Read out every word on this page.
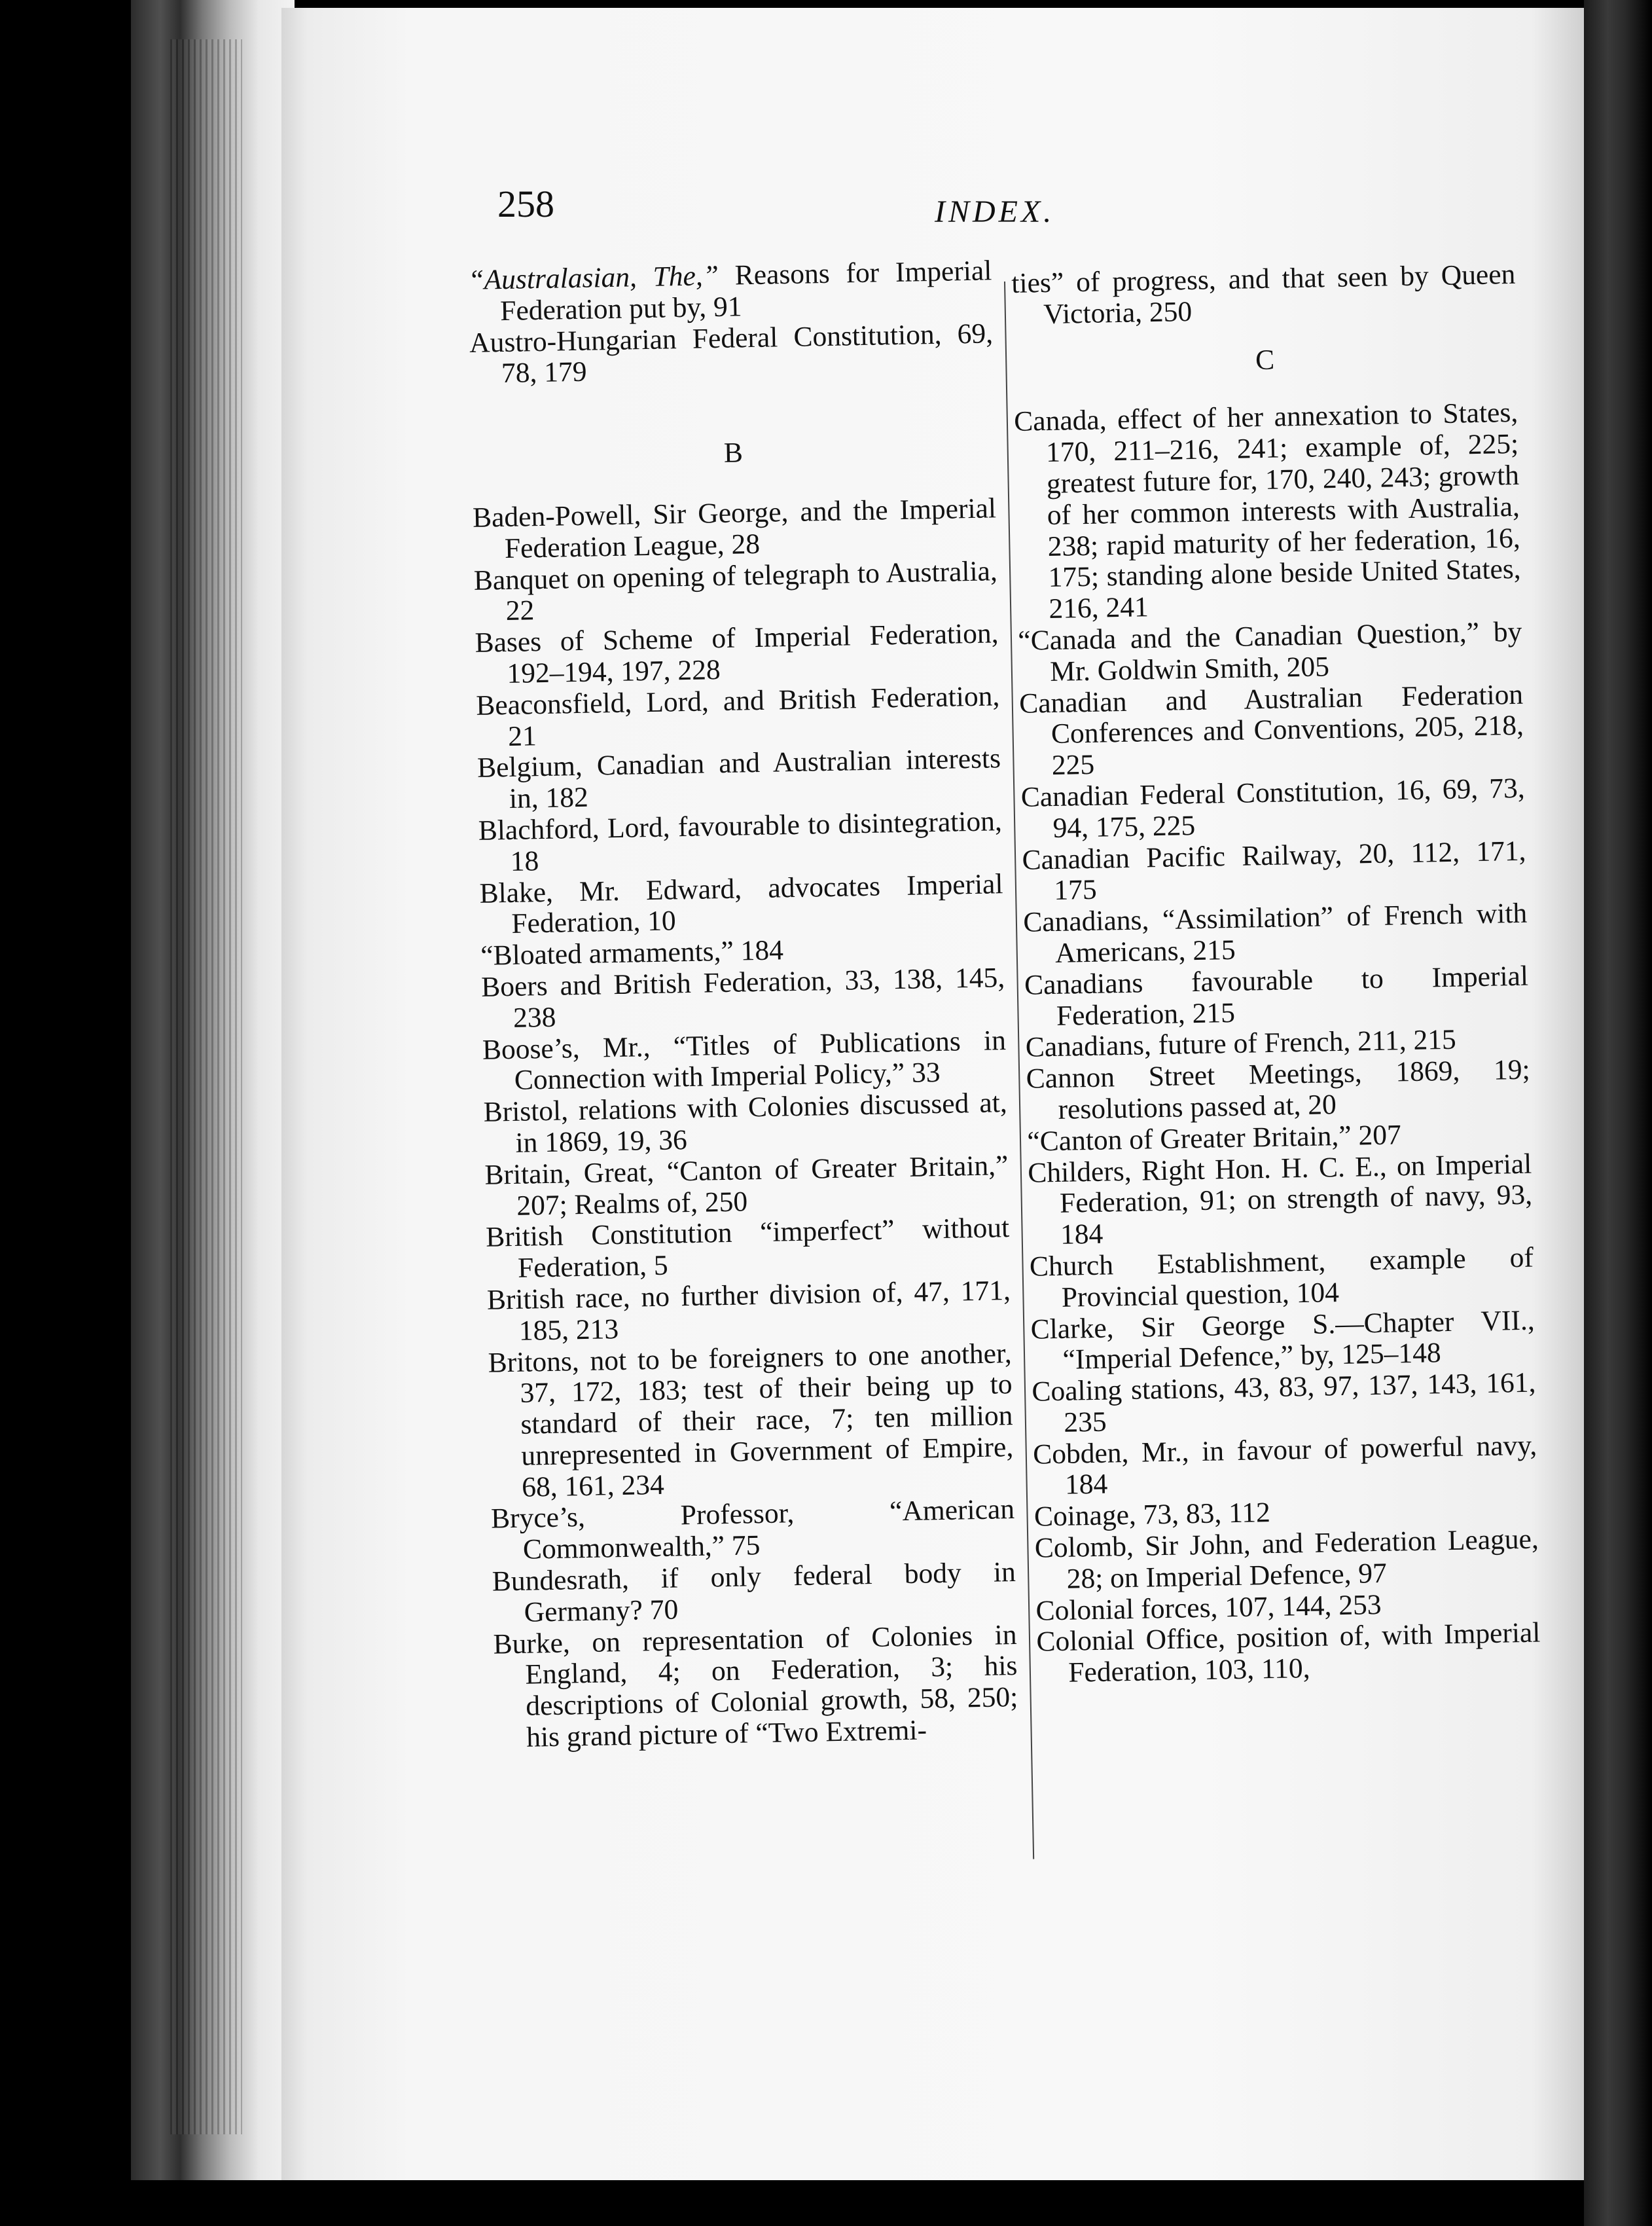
258	INDEX.

“Australasian, The,” Reasons for Imperial Federation put by, 91

Austro-Hungarian Federal Constitution, 69, 78, 179

B

Baden-Powell, Sir George, and the Imperial Federation League, 28

Banquet on opening of telegraph to Australia, 22

Bases of Scheme of Imperial Federation, 192–194, 197, 228

Beaconsfield, Lord, and British Federation, 21

Belgium, Canadian and Australian interests in, 182

Blachford, Lord, favourable to disintegration, 18

Blake, Mr. Edward, advocates Imperial Federation, 10

“Bloated armaments,” 184

Boers and British Federation, 33, 138, 145, 238

Boose’s, Mr., “Titles of Publications in Connection with Imperial Policy,” 33

Bristol, relations with Colonies discussed at, in 1869, 19, 36

Britain, Great, “Canton of Greater Britain,” 207; Realms of, 250

British Constitution “imperfect” without Federation, 5

British race, no further division of, 47, 171, 185, 213

Britons, not to be foreigners to one another, 37, 172, 183; test of their being up to standard of their race, 7; ten million unrepresented in Government of Empire, 68, 161, 234

Bryce’s, Professor, “American Commonwealth,” 75

Bundesrath, if only federal body in Germany? 70

Burke, on representation of Colonies in England, 4; on Federation, 3; his descriptions of Colonial growth, 58, 250; his grand picture of “Two Extremi-

ties” of progress, and that seen by Queen Victoria, 250

C

Canada, effect of her annexation to States, 170, 211–216, 241; example of, 225; greatest future for, 170, 240, 243; growth of her common interests with Australia, 238; rapid maturity of her federation, 16, 175; standing alone beside United States, 216, 241

“Canada and the Canadian Question,” by Mr. Goldwin Smith, 205

Canadian and Australian Federation Conferences and Conventions, 205, 218, 225

Canadian Federal Constitution, 16, 69, 73, 94, 175, 225

Canadian Pacific Railway, 20, 112, 171, 175

Canadians, “Assimilation” of French with Americans, 215

Canadians favourable to Imperial Federation, 215

Canadians, future of French, 211, 215

Cannon Street Meetings, 1869, 19; resolutions passed at, 20

“Canton of Greater Britain,” 207

Childers, Right Hon. H. C. E., on Imperial Federation, 91; on strength of navy, 93, 184

Church Establishment, example of Provincial question, 104

Clarke, Sir George S.—Chapter VII., “Imperial Defence,” by, 125–148

Coaling stations, 43, 83, 97, 137, 143, 161, 235

Cobden, Mr., in favour of powerful navy, 184

Coinage, 73, 83, 112

Colomb, Sir John, and Federation League, 28; on Imperial Defence, 97

Colonial forces, 107, 144, 253

Colonial Office, position of, with Imperial Federation, 103, 110,
